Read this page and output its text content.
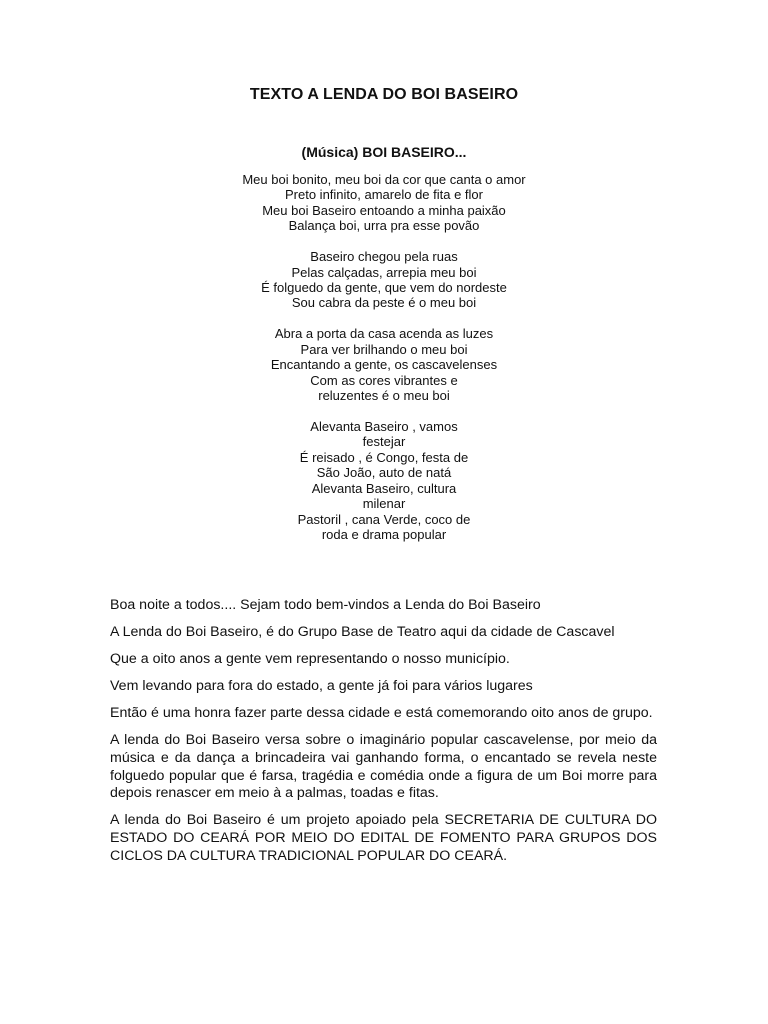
TEXTO A LENDA DO BOI BASEIRO
(Música) BOI BASEIRO...
Meu boi bonito, meu boi da cor que canta o amor
Preto infinito, amarelo de fita e flor
Meu boi Baseiro entoando a minha paixão
Balança boi, urra pra esse povão
Baseiro chegou pela ruas
Pelas calçadas, arrepia meu boi
É folguedo da gente, que vem do nordeste
Sou cabra da peste é o meu boi
Abra a porta da casa acenda as luzes
Para ver brilhando o meu boi
Encantando a gente, os cascavelenses
Com as cores vibrantes e
reluzentes é o meu boi
Alevanta Baseiro , vamos
festejar
É reisado , é Congo, festa de
São João, auto de natá
Alevanta Baseiro, cultura
milenar
Pastoril , cana Verde, coco de
roda e drama popular

Boa noite a todos.... Sejam todo bem-vindos a Lenda do Boi Baseiro

A Lenda do Boi Baseiro, é do Grupo Base de Teatro aqui da cidade de Cascavel

Que a oito anos a gente vem representando o nosso município.

Vem levando para fora do estado, a gente já foi para vários lugares

Então é uma honra fazer parte dessa cidade e está comemorando oito anos de grupo.

A lenda do Boi Baseiro versa sobre o imaginário popular cascavelense, por meio da música e da dança a brincadeira vai ganhando forma, o encantado se revela neste folguedo popular que é farsa, tragédia e comédia onde a figura de um Boi morre para depois renascer em meio à a palmas, toadas e fitas.

A lenda do Boi Baseiro é um projeto apoiado pela SECRETARIA DE CULTURA DO ESTADO DO CEARÁ POR MEIO DO EDITAL DE FOMENTO PARA GRUPOS DOS CICLOS DA CULTURA TRADICIONAL POPULAR DO CEARÁ.
